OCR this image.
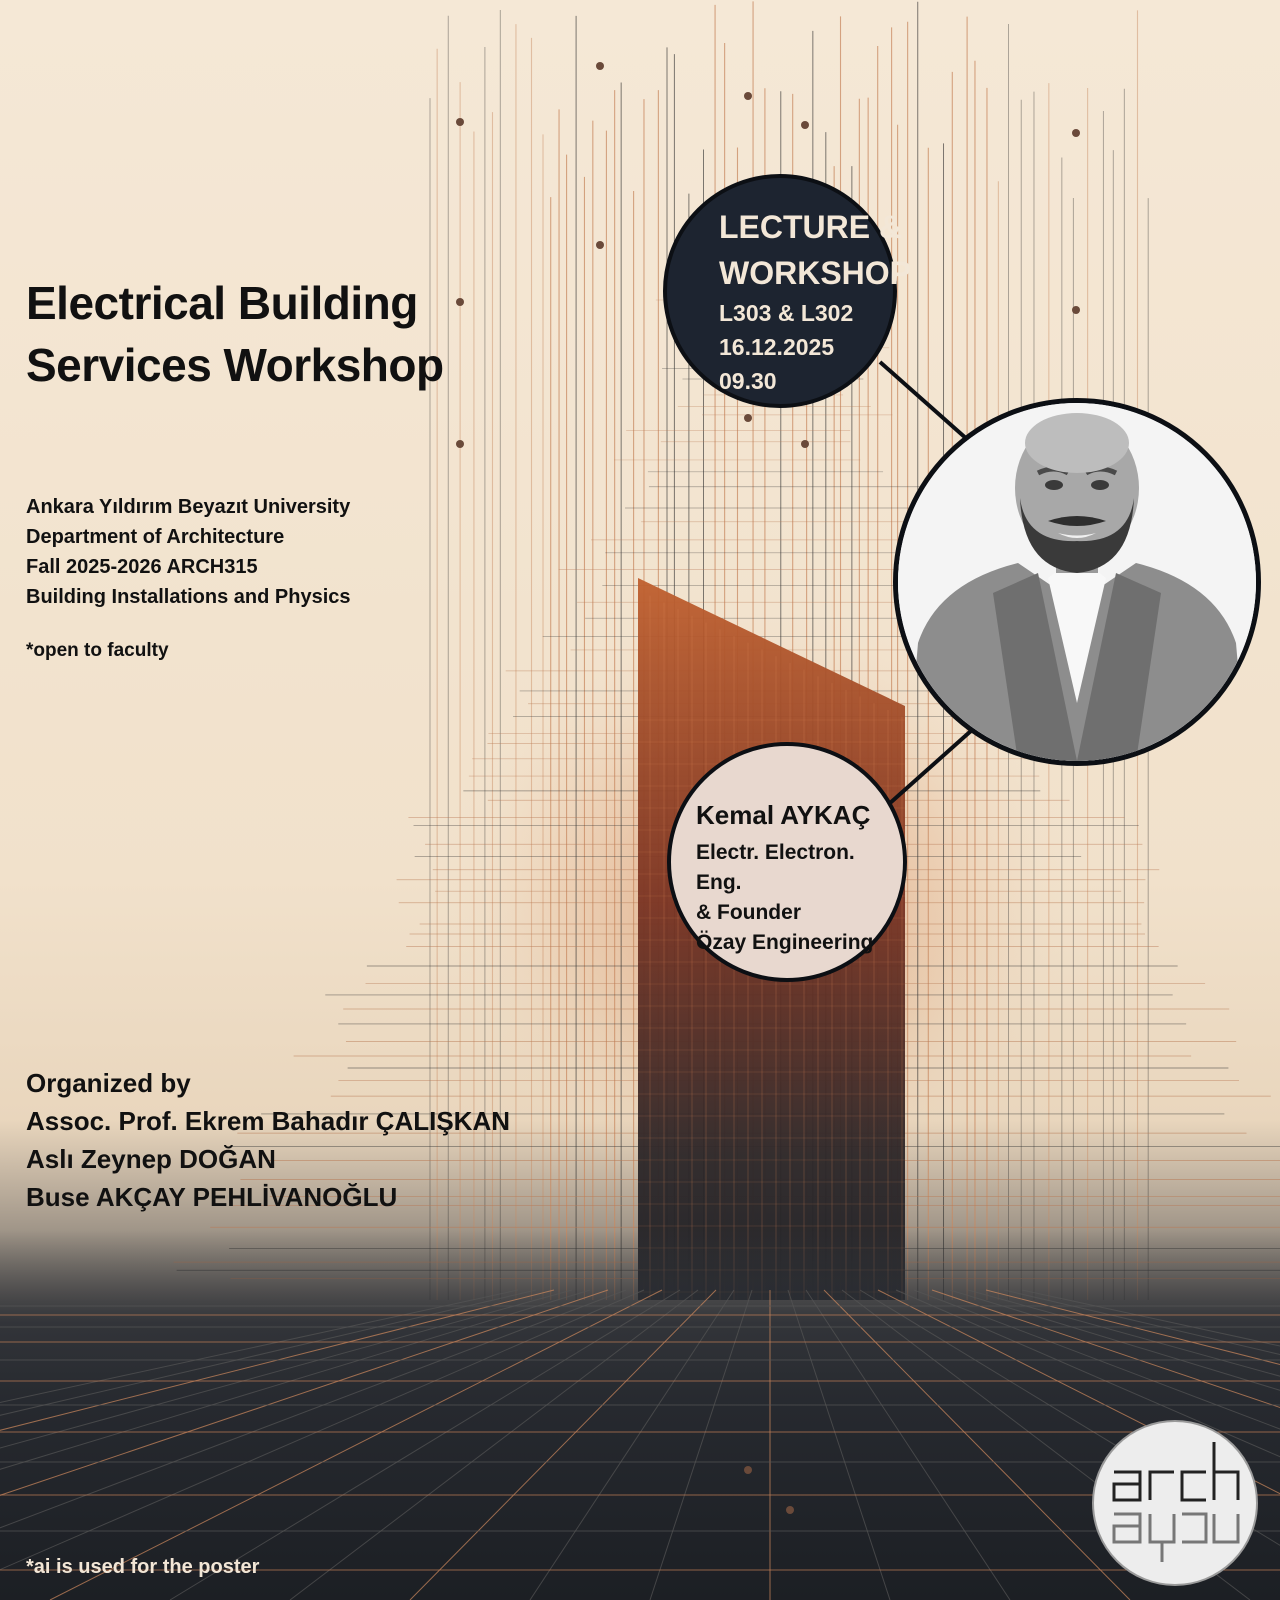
Electrical Building
Services Workshop
Ankara Yıldırım Beyazıt University
Department of Architecture
Fall 2025-2026 ARCH315
Building Installations and Physics
*open to faculty
Organized by
Assoc. Prof. Ekrem Bahadır ÇALIŞKAN
Aslı Zeynep DOĞAN
Buse AKÇAY PEHLİVANOĞLU
*ai is used for the poster
LECTURE &
WORKSHOP
L303 & L302
16.12.2025
09.30
Kemal AYKAÇ
Electr. Electron. Eng.
& Founder
Özay Engineering
